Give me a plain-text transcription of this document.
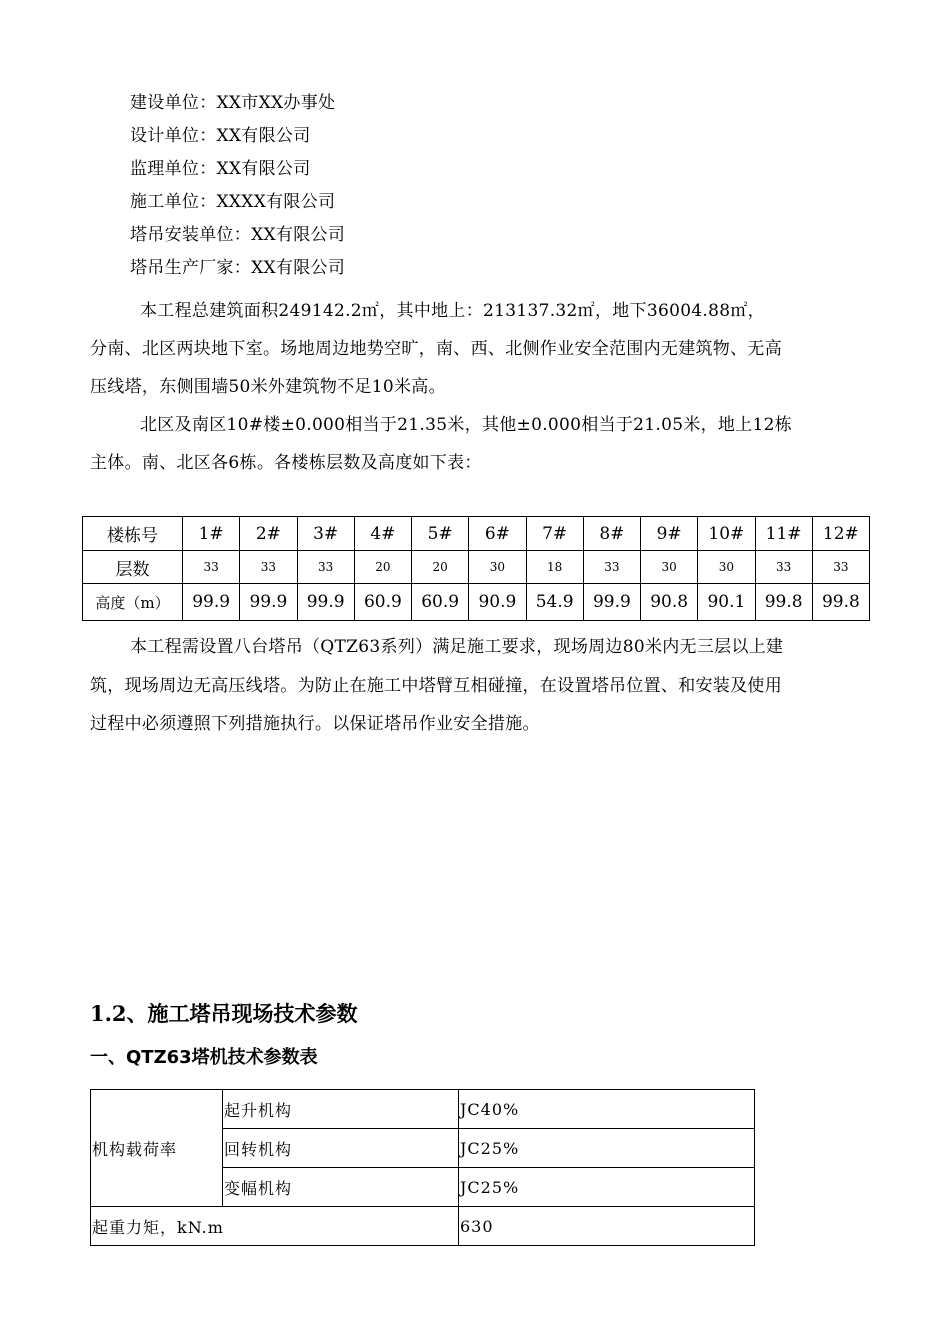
建设单位：XX市XX办事处
设计单位：XX有限公司
监理单位：XX有限公司
施工单位：XXXX有限公司
塔吊安装单位：XX有限公司
塔吊生产厂家：XX有限公司
本工程总建筑面积249142.2㎡，其中地上：213137.32㎡，地下36004.88㎡，
分南、北区两块地下室。场地周边地势空旷，南、西、北侧作业安全范围内无建筑物、无高
压线塔，东侧围墙50米外建筑物不足10米高。
北区及南区10#楼±0.000相当于21.35米，其他±0.000相当于21.05米，地上12栋
主体。南、北区各6栋。各楼栋层数及高度如下表：
楼栋号	1#	2#	3#	4#	5#	6#	7#	8#	9#	10#	11#	12#
层数	33	33	33	20	20	30	18	33	30	30	33	33
高度（m）	99.9	99.9	99.9	60.9	60.9	90.9	54.9	99.9	90.8	90.1	99.8	99.8
本工程需设置八台塔吊（QTZ63系列）满足施工要求，现场周边80米内无三层以上建
筑，现场周边无高压线塔。为防止在施工中塔臂互相碰撞，在设置塔吊位置、和安装及使用
过程中必须遵照下列措施执行。以保证塔吊作业安全措施。
1.2、施工塔吊现场技术参数
一、QTZ63塔机技术参数表
机构载荷率	起升机构	JC40%
	回转机构	JC25%
	变幅机构	JC25%
起重力矩，kN.m		630
